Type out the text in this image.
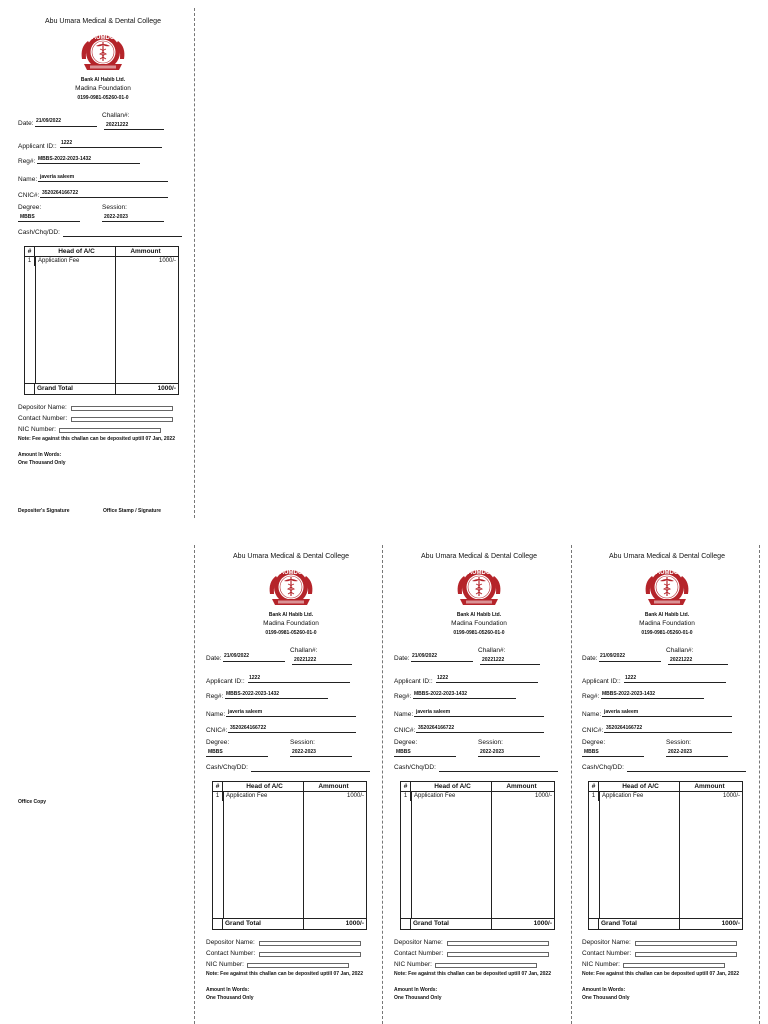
Abu Umara Medical & Dental College
AUMDC
Bank Al Habib Ltd.
Madina Foundation
0199-0981-05260-01-0
Date: 21/09/2022
Challan#:
20221222
Applicant ID:: 1222
Reg#: MBBS-2022-2023-1432
Name: javeria saleem
CNIC#: 3520264166722
Degree:
MBBS
Session:
2022-2023
Cash/Chq/DD:
#	Head of A/C	Ammount
1	Application Fee	1000/-
Grand Total	1000/-
Depositor Name:
Contact Number:
NIC Number:
Note: Fee against this challan can be deposited uptill 07 Jan, 2022
Amount In Words:
One Thousand Only
Depositer's Signature	Office Stamp / Signature
Office Copy
Abu Umara Medical & Dental College
AUMDC
Bank Al Habib Ltd.
Madina Foundation
0199-0981-05260-01-0
Date: 21/09/2022
Challan#:
20221222
Applicant ID:: 1222
Reg#: MBBS-2022-2023-1432
Name: javeria saleem
CNIC#: 3520264166722
Degree:
MBBS
Session:
2022-2023
Cash/Chq/DD:
#	Head of A/C	Ammount
1	Application Fee	1000/-
Grand Total	1000/-
Depositor Name:
Contact Number:
NIC Number:
Note: Fee against this challan can be deposited uptill 07 Jan, 2022
Amount In Words:
One Thousand Only
Abu Umara Medical & Dental College
AUMDC
Bank Al Habib Ltd.
Madina Foundation
0199-0981-05260-01-0
Date: 21/09/2022
Challan#:
20221222
Applicant ID:: 1222
Reg#: MBBS-2022-2023-1432
Name: javeria saleem
CNIC#: 3520264166722
Degree:
MBBS
Session:
2022-2023
Cash/Chq/DD:
#	Head of A/C	Ammount
1	Application Fee	1000/-
Grand Total	1000/-
Depositor Name:
Contact Number:
NIC Number:
Note: Fee against this challan can be deposited uptill 07 Jan, 2022
Amount In Words:
One Thousand Only
Abu Umara Medical & Dental College
AUMDC
Bank Al Habib Ltd.
Madina Foundation
0199-0981-05260-01-0
Date: 21/09/2022
Challan#:
20221222
Applicant ID:: 1222
Reg#: MBBS-2022-2023-1432
Name: javeria saleem
CNIC#: 3520264166722
Degree:
MBBS
Session:
2022-2023
Cash/Chq/DD:
#	Head of A/C	Ammount
1	Application Fee	1000/-
Grand Total	1000/-
Depositor Name:
Contact Number:
NIC Number:
Note: Fee against this challan can be deposited uptill 07 Jan, 2022
Amount In Words:
One Thousand Only
